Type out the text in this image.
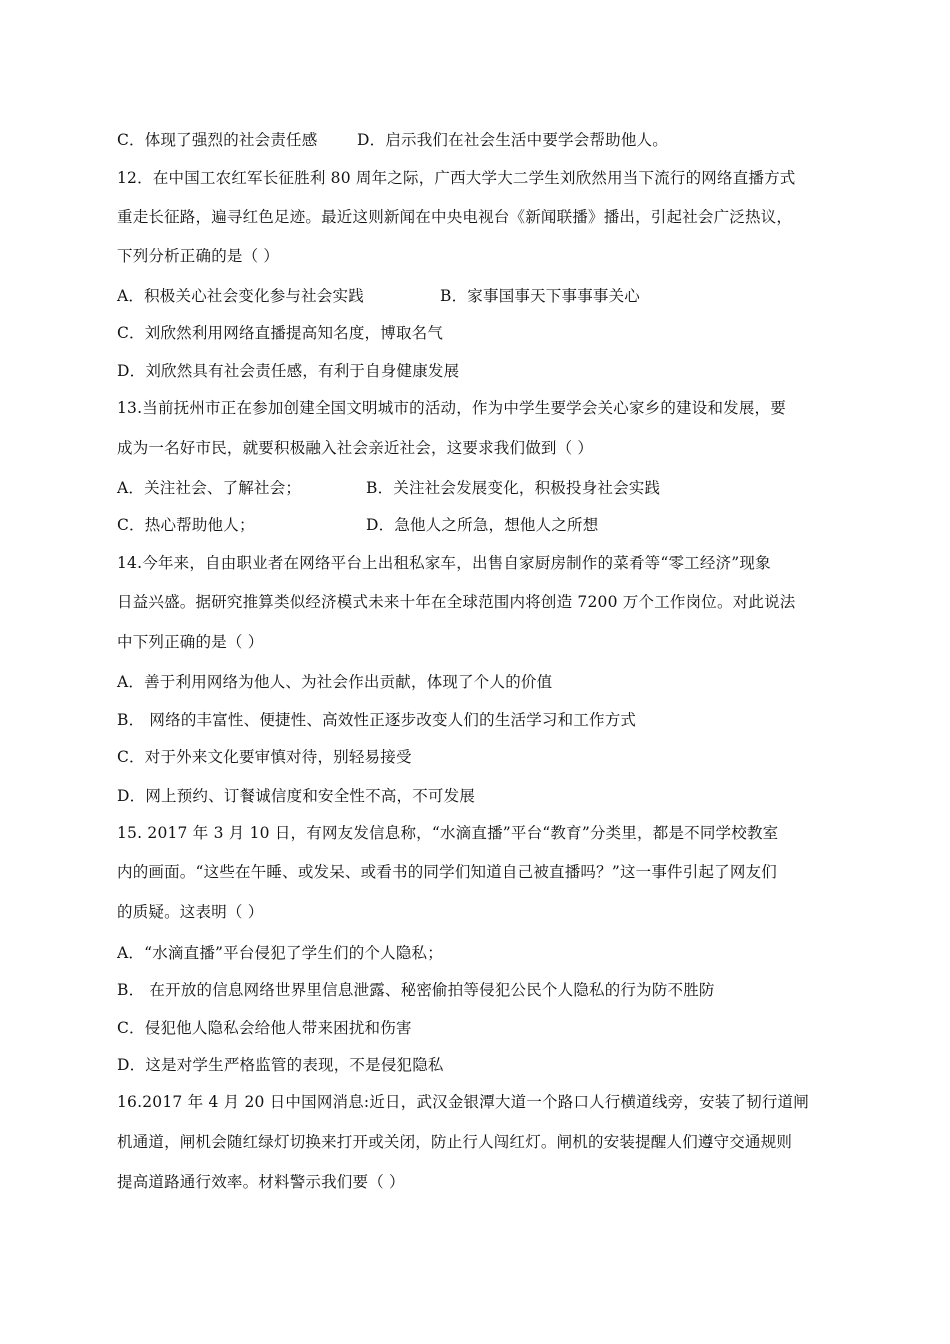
C．体现了强烈的社会责任感	D．启示我们在社会生活中要学会帮助他人。
12．在中国工农红军长征胜利 80 周年之际，广西大学大二学生刘欣然用当下流行的网络直播方式
重走长征路，遍寻红色足迹。最近这则新闻在中央电视台《新闻联播》播出，引起社会广泛热议，
下列分析正确的是（ ）
A．积极关心社会变化参与社会实践	B．家事国事天下事事事关心
C．刘欣然利用网络直播提高知名度，博取名气
D．刘欣然具有社会责任感，有利于自身健康发展
13.当前抚州市正在参加创建全国文明城市的活动，作为中学生要学会关心家乡的建设和发展，要
成为一名好市民，就要积极融入社会亲近社会，这要求我们做到（ ）
A．关注社会、了解社会；	B．关注社会发展变化，积极投身社会实践
C．热心帮助他人；	D．急他人之所急，想他人之所想
14.今年来，自由职业者在网络平台上出租私家车，出售自家厨房制作的菜肴等“零工经济”现象
日益兴盛。据研究推算类似经济模式未来十年在全球范围内将创造 7200 万个工作岗位。对此说法
中下列正确的是（ ）
A．善于利用网络为他人、为社会作出贡献，体现了个人的价值
B． 网络的丰富性、便捷性、高效性正逐步改变人们的生活学习和工作方式
C．对于外来文化要审慎对待，别轻易接受
D．网上预约、订餐诚信度和安全性不高，不可发展
15. 2017 年 3 月 10 日，有网友发信息称，“水滴直播”平台“教育”分类里，都是不同学校教室
内的画面。“这些在午睡、或发呆、或看书的同学们知道自己被直播吗？”这一事件引起了网友们
的质疑。这表明（ ）
A．“水滴直播”平台侵犯了学生们的个人隐私；
B． 在开放的信息网络世界里信息泄露、秘密偷拍等侵犯公民个人隐私的行为防不胜防
C．侵犯他人隐私会给他人带来困扰和伤害
D．这是对学生严格监管的表现，不是侵犯隐私
16.2017 年 4 月 20 日中国网消息:近日，武汉金银潭大道一个路口人行横道线旁，安装了韧行道闸
机通道，闸机会随红绿灯切换来打开或关闭，防止行人闯红灯。闸机的安装提醒人们遵守交通规则
提高道路通行效率。材料警示我们要（ ）
